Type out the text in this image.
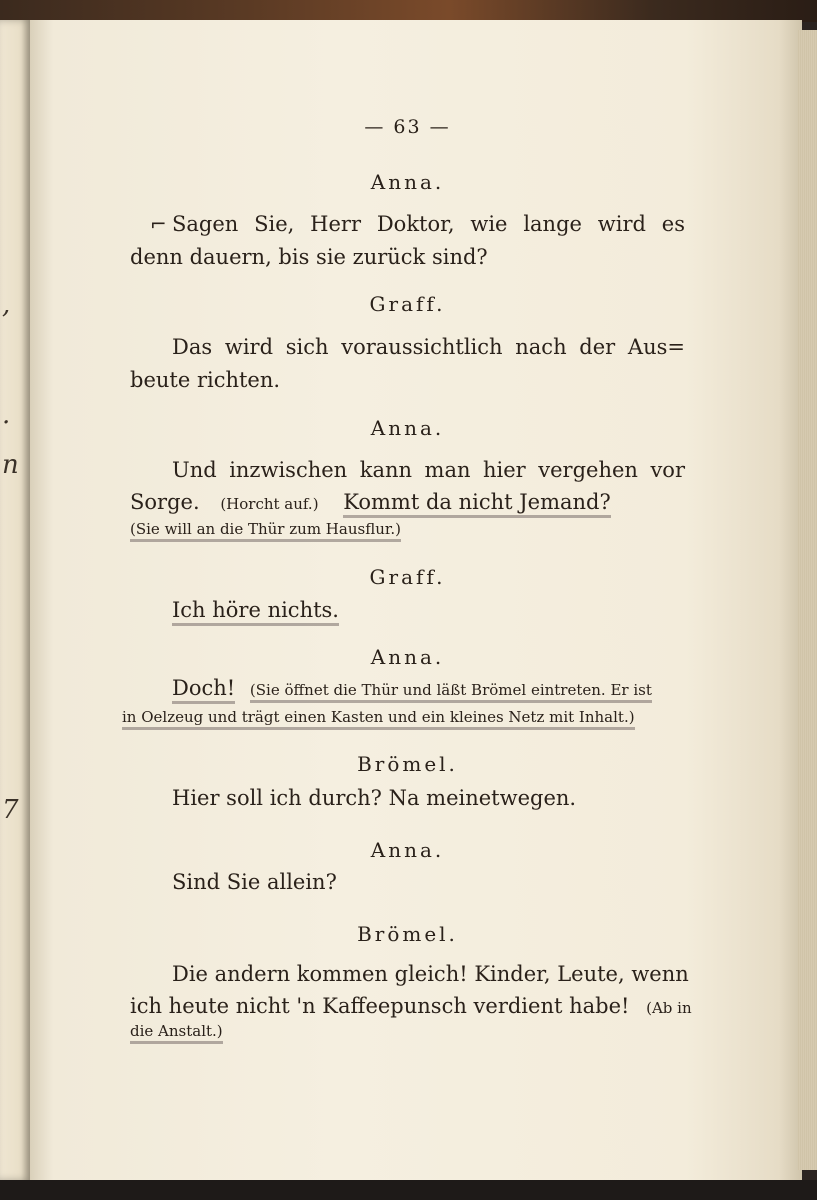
,
.
n
7
— 63 —
Anna.
⌐ Sagen Sie, Herr Doktor, wie lange wird es
denn dauern, bis sie zurück sind?
Graff.
Das wird sich voraussichtlich nach der Aus=
beute richten.
Anna.
Und inzwischen kann man hier vergehen vor
Sorge. (Horcht auf.) Kommt da nicht Jemand?
(Sie will an die Thür zum Hausflur.)
Graff.
Ich höre nichts.
Anna.
Doch! (Sie öffnet die Thür und läßt Brömel eintreten. Er ist
in Oelzeug und trägt einen Kasten und ein kleines Netz mit Inhalt.)
Brömel.
Hier soll ich durch? Na meinetwegen.
Anna.
Sind Sie allein?
Brömel.
Die andern kommen gleich! Kinder, Leute, wenn
ich heute nicht 'n Kaffeepunsch verdient habe! (Ab in
die Anstalt.)
